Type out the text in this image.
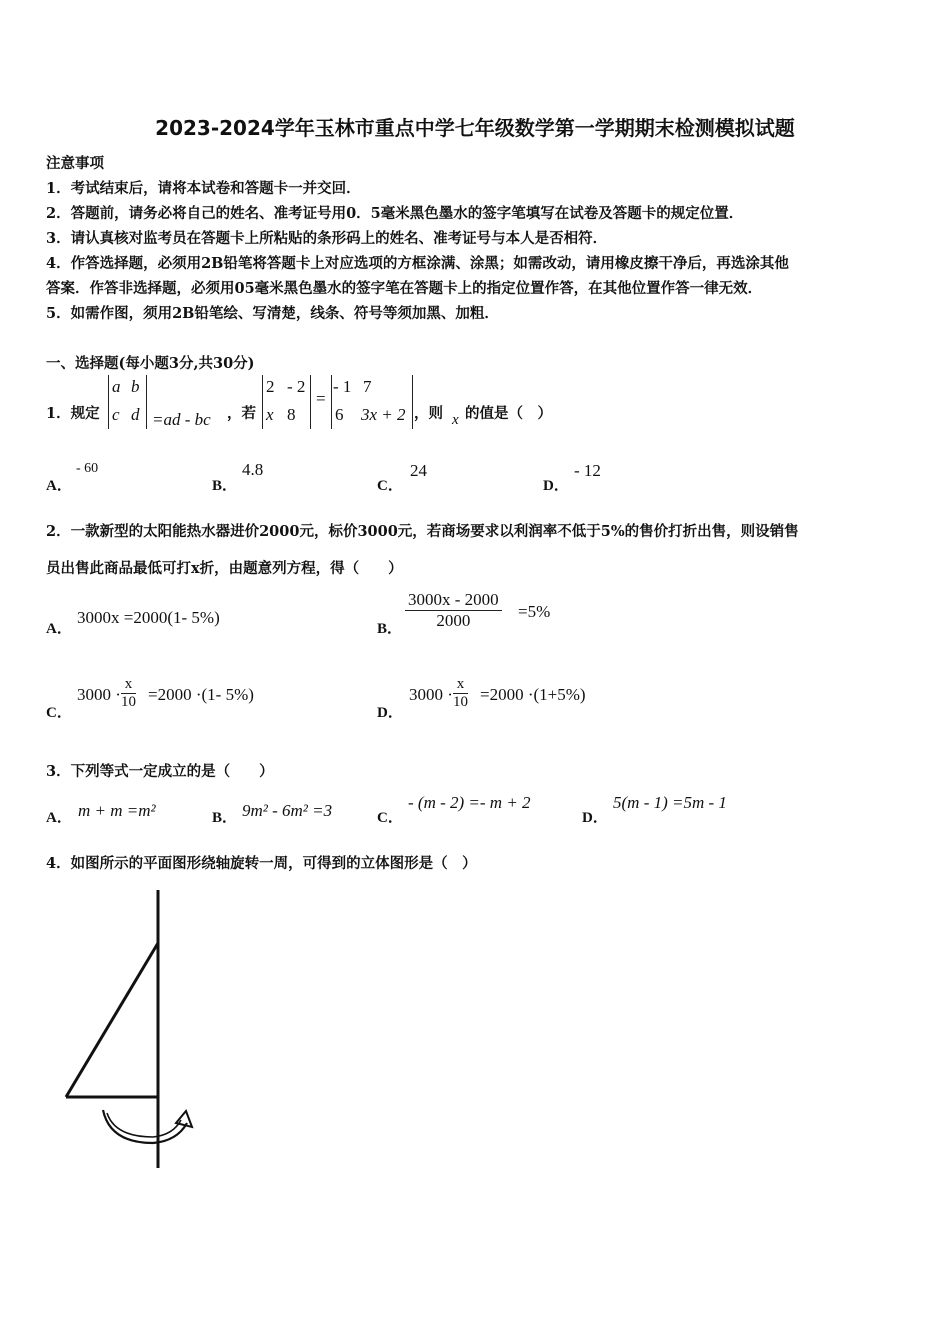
2023-2024学年玉林市重点中学七年级数学第一学期期末检测模拟试题
注意事项
1．考试结束后，请将本试卷和答题卡一并交回．
2．答题前，请务必将自己的姓名、准考证号用0．5毫米黑色墨水的签字笔填写在试卷及答题卡的规定位置．
3．请认真核对监考员在答题卡上所粘贴的条形码上的姓名、准考证号与本人是否相符．
4．作答选择题，必须用2B铅笔将答题卡上对应选项的方框涂满、涂黑；如需改动，请用橡皮擦干净后，再选涂其他
答案．作答非选择题，必须用05毫米黑色墨水的签字笔在答题卡上的指定位置作答，在其他位置作答一律无效．
5．如需作图，须用2B铅笔绘、写清楚，线条、符号等须加黑、加粗．
一、选择题(每小题3分,共30分)
1．规定
a b
c d =ad - bc ，若
2 - 2
x 8
=
- 1 7
6 3x + 2 ，则 x 的值是（　）
A．
- 60
B．
4.8
C．
24
D．
- 12
2．一款新型的太阳能热水器进价2000元，标价3000元，若商场要求以利润率不低于5%的售价打折出售，则设销售
员出售此商品最低可打x折，由题意列方程，得（　　）
A．
3000x =2000(1- 5%)
B． $\frac{3000x - 2000}{2000} =5\%$
C．
$3000 \cdot \frac{x}{10} =2000 \cdot(1-$ 5%)
D．
$3000 \cdot \frac{x}{10} =2000 \cdot(1+5\%)$
3．下列等式一定成立的是（　　）
A． m + m =m²	B． 9m² - 6m² =3	C．
- (m - 2) =- m + 2
D．
5(m - 1) =5m - 1
4．如图所示的平面图形绕轴旋转一周，可得到的立体图形是（　）
